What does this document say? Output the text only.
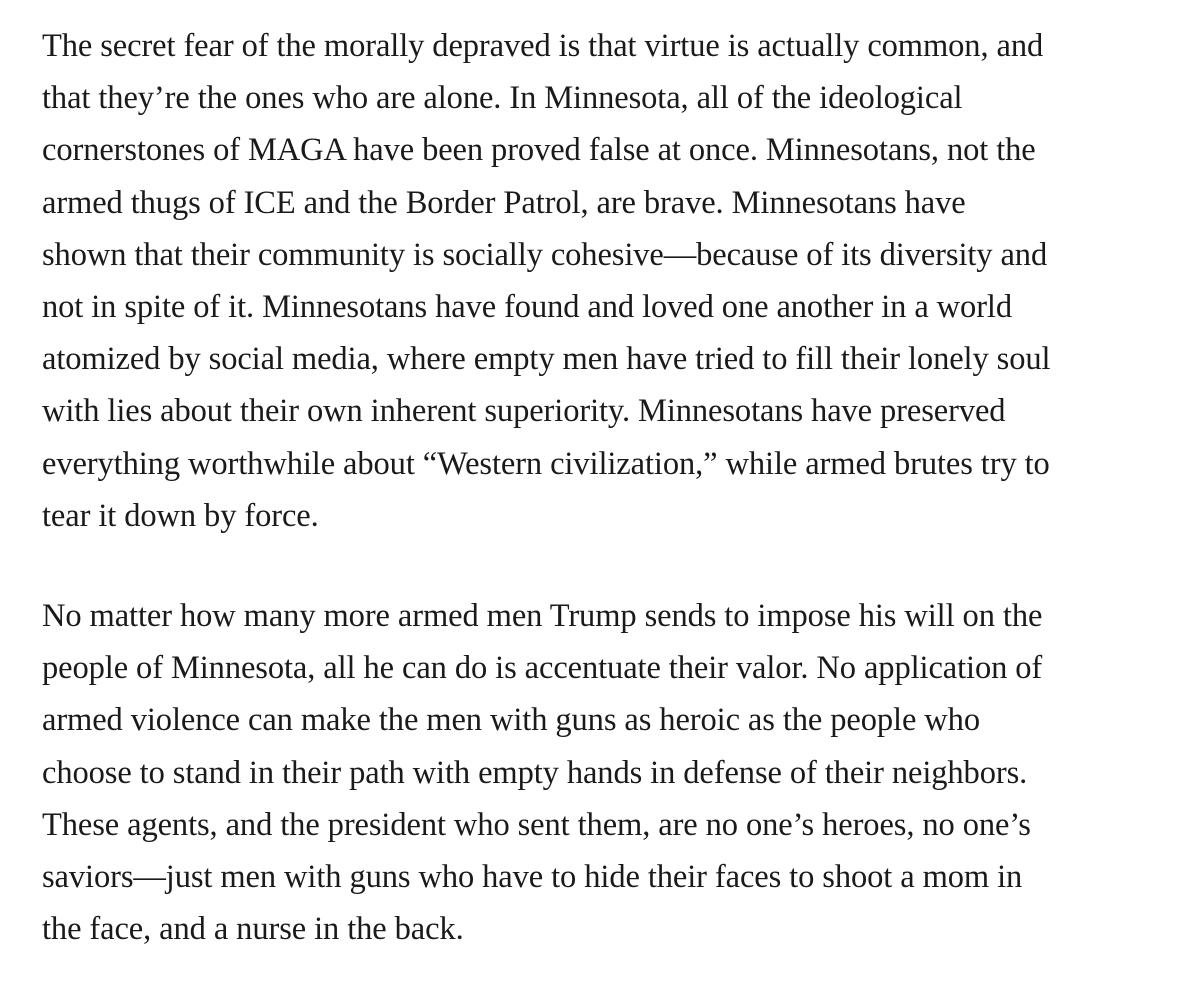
The secret fear of the morally depraved is that virtue is actually common, and
that they’re the ones who are alone. In Minnesota, all of the ideological
cornerstones of MAGA have been proved false at once. Minnesotans, not the
armed thugs of ICE and the Border Patrol, are brave. Minnesotans have
shown that their community is socially cohesive—because of its diversity and
not in spite of it. Minnesotans have found and loved one another in a world
atomized by social media, where empty men have tried to fill their lonely soul
with lies about their own inherent superiority. Minnesotans have preserved
everything worthwhile about “Western civilization,” while armed brutes try to
tear it down by force.

No matter how many more armed men Trump sends to impose his will on the
people of Minnesota, all he can do is accentuate their valor. No application of
armed violence can make the men with guns as heroic as the people who
choose to stand in their path with empty hands in defense of their neighbors.
These agents, and the president who sent them, are no one’s heroes, no one’s
saviors—just men with guns who have to hide their faces to shoot a mom in
the face, and a nurse in the back.
